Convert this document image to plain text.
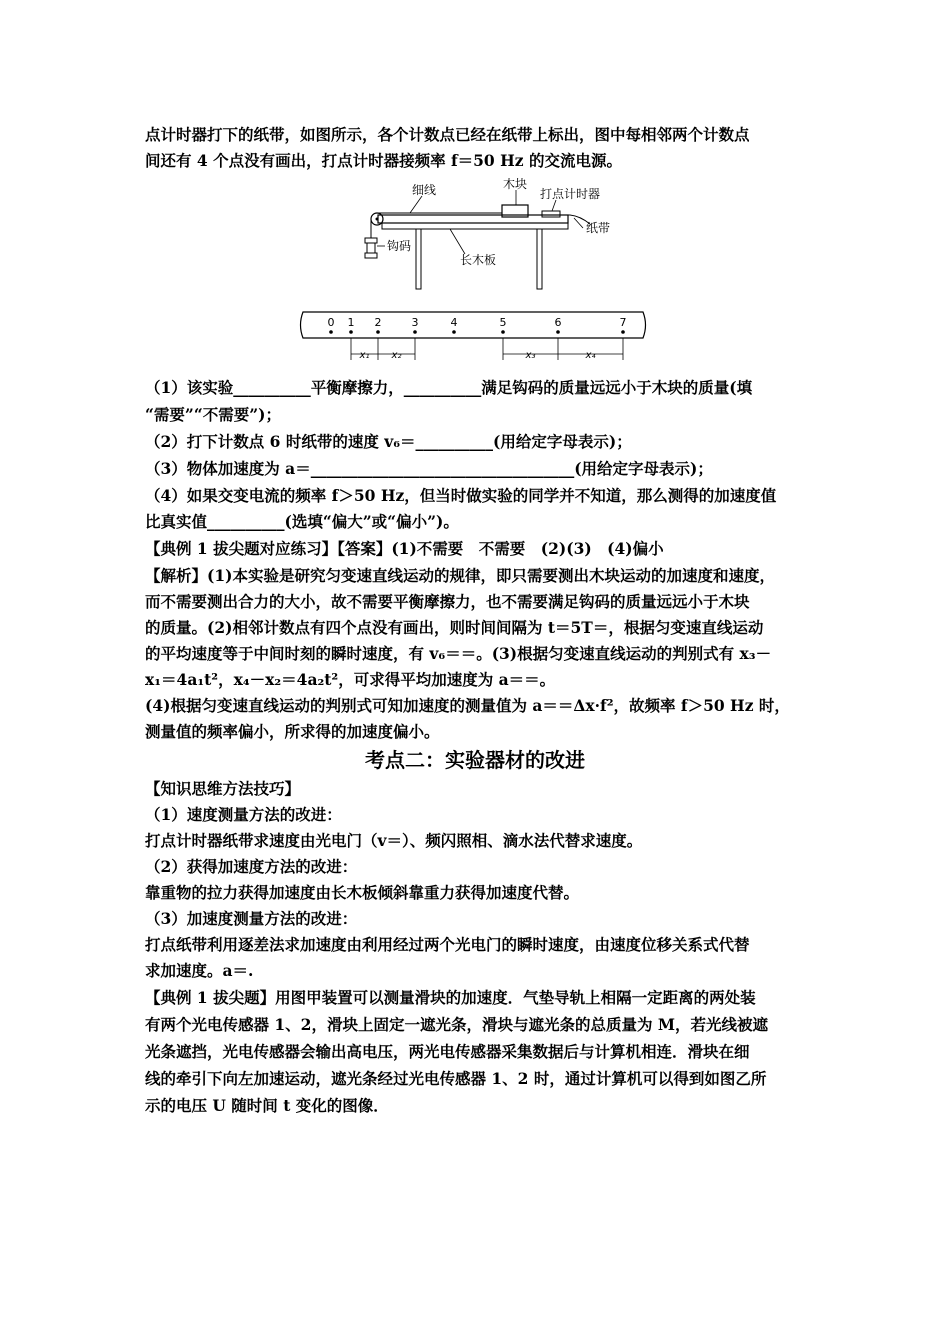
点计时器打下的纸带，如图所示，各个计数点已经在纸带上标出，图中每相邻两个计数点
间还有 4 个点没有画出，打点计时器接频率 f＝50 Hz 的交流电源。
细线	木块
打点计时器
纸带
钩码
长木板
0 1 2	3	4	5	6	7
x₁ x₂	x₃	x₄
（1）该实验__________平衡摩擦力，__________满足钩码的质量远远小于木块的质量(填
“需要”“不需要”)；
（2）打下计数点 6 时纸带的速度 v₆＝__________(用给定字母表示)；
（3）物体加速度为 a＝__________________________________(用给定字母表示)；
（4）如果交变电流的频率 f＞50 Hz，但当时做实验的同学并不知道，那么测得的加速度值
比真实值__________(选填“偏大”或“偏小”)。
【典例 1 拔尖题对应练习】【答案】(1)不需要　不需要　(2)(3)　(4)偏小
【解析】(1)本实验是研究匀变速直线运动的规律，即只需要测出木块运动的加速度和速度，
而不需要测出合力的大小，故不需要平衡摩擦力，也不需要满足钩码的质量远远小于木块
的质量。(2)相邻计数点有四个点没有画出，则时间间隔为 t＝5T＝，根据匀变速直线运动
的平均速度等于中间时刻的瞬时速度，有 v₆＝＝。(3)根据匀变速直线运动的判别式有 x₃－
x₁＝4a₁t²，x₄－x₂＝4a₂t²，可求得平均加速度为 a＝＝。
(4)根据匀变速直线运动的判别式可知加速度的测量值为 a＝＝Δx·f²，故频率 f＞50 Hz 时，
测量值的频率偏小，所求得的加速度偏小。
考点二：实验器材的改进
【知识思维方法技巧】
（1）速度测量方法的改进：
打点计时器纸带求速度由光电门（v＝）、频闪照相、滴水法代替求速度。
（2）获得加速度方法的改进：
靠重物的拉力获得加速度由长木板倾斜靠重力获得加速度代替。
（3）加速度测量方法的改进：
打点纸带利用逐差法求加速度由利用经过两个光电门的瞬时速度，由速度位移关系式代替
求加速度。a＝.
【典例 1 拔尖题】用图甲装置可以测量滑块的加速度．气垫导轨上相隔一定距离的两处装
有两个光电传感器 1、2，滑块上固定一遮光条，滑块与遮光条的总质量为 M，若光线被遮
光条遮挡，光电传感器会输出高电压，两光电传感器采集数据后与计算机相连．滑块在细
线的牵引下向左加速运动，遮光条经过光电传感器 1、2 时，通过计算机可以得到如图乙所
示的电压 U 随时间 t 变化的图像．
